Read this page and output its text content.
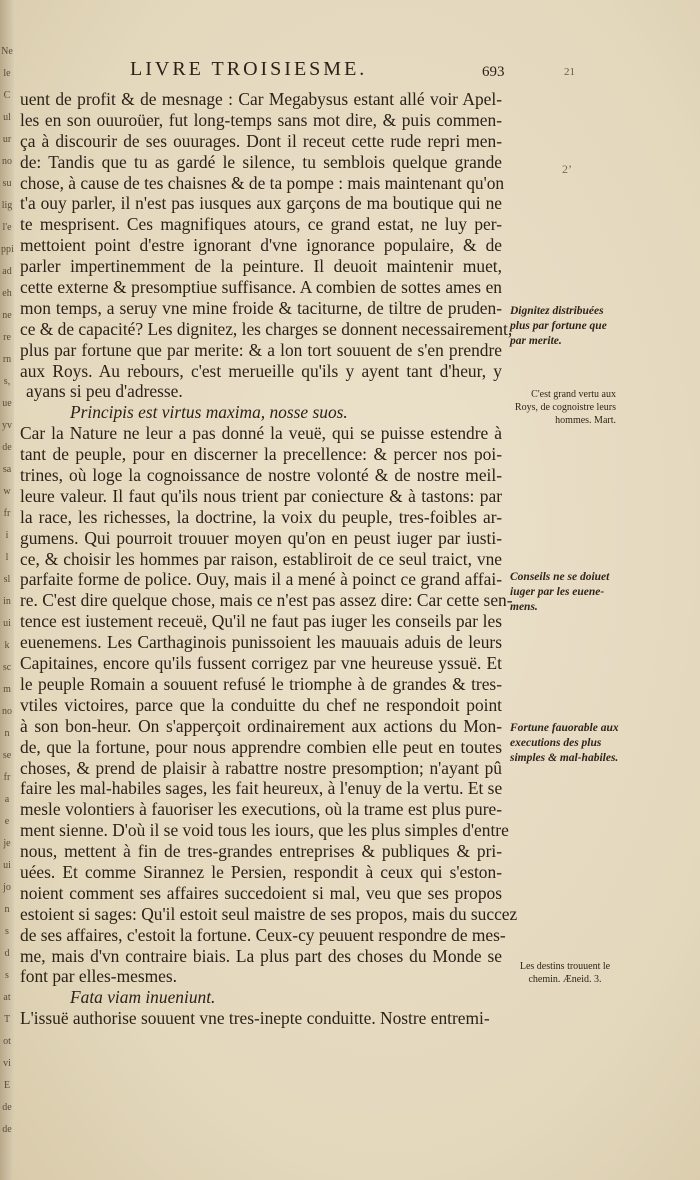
Ne
le
C
ul
ur
no
su
lig
l'e
ppi
ad
eh
ne
re
rn
s,
ue
yv
de
sa
w
fr
i
l
sl
in
ui
k
sc
m
no
n
se
fr
a
e
je
ui
jo
n
s
d
s
at
T
ot
vi
E
de
de
LIVRE TROISIESME.	693	21
2’
uent de profit & de mesnage : Car Megabysus estant allé voir Apel-
les en son ouuroüer, fut long-temps sans mot dire, & puis commen-
ça à discourir de ses ouurages. Dont il receut cette rude repri men-
de: Tandis que tu as gardé le silence, tu semblois quelque grande
chose, à cause de tes chaisnes & de ta pompe : mais maintenant qu'on
t'a ouy parler, il n'est pas iusques aux garçons de ma boutique qui ne
te mesprisent. Ces magnifiques atours, ce grand estat, ne luy per-
mettoient point d'estre ignorant d'vne ignorance populaire, & de
parler impertinemment de la peinture. Il deuoit maintenir muet,
cette externe & presomptiue suffisance. A combien de sottes ames en
mon temps, a seruy vne mine froide & taciturne, de tiltre de pruden-
ce & de capacité? Les dignitez, les charges se donnent necessairement,
plus par fortune que par merite: & a lon tort souuent de s'en prendre
aux Roys. Au rebours, c'est merueille qu'ils y ayent tant d'heur, y
ayans si peu d'adresse.
Principis est virtus maxima, nosse suos.
Car la Nature ne leur a pas donné la veuë, qui se puisse estendre à
tant de peuple, pour en discerner la precellence: & percer nos poi-
trines, où loge la cognoissance de nostre volonté & de nostre meil-
leure valeur. Il faut qu'ils nous trient par coniecture & à tastons: par
la race, les richesses, la doctrine, la voix du peuple, tres-foibles ar-
gumens. Qui pourroit trouuer moyen qu'on en peust iuger par iusti-
ce, & choisir les hommes par raison, establiroit de ce seul traict, vne
parfaite forme de police. Ouy, mais il a mené à poinct ce grand affai-
re. C'est dire quelque chose, mais ce n'est pas assez dire: Car cette sen-
tence est iustement receuë, Qu'il ne faut pas iuger les conseils par les
euenemens. Les Carthaginois punissoient les mauuais aduis de leurs
Capitaines, encore qu'ils fussent corrigez par vne heureuse yssuë. Et
le peuple Romain a souuent refusé le triomphe à de grandes & tres-
vtiles victoires, parce que la conduitte du chef ne respondoit point
à son bon-heur. On s'apperçoit ordinairement aux actions du Mon-
de, que la fortune, pour nous apprendre combien elle peut en toutes
choses, & prend de plaisir à rabattre nostre presomption; n'ayant pû
faire les mal-habiles sages, les fait heureux, à l'enuy de la vertu. Et se
mesle volontiers à fauoriser les executions, où la trame est plus pure-
ment sienne. D'où il se void tous les iours, que les plus simples d'entre
nous, mettent à fin de tres-grandes entreprises & publiques & pri-
uées. Et comme Sirannez le Persien, respondit à ceux qui s'eston-
noient comment ses affaires succedoient si mal, veu que ses propos
estoient si sages: Qu'il estoit seul maistre de ses propos, mais du succez
de ses affaires, c'estoit la fortune. Ceux-cy peuuent respondre de mes-
me, mais d'vn contraire biais. La plus part des choses du Monde se
font par elles-mesmes.
Fata viam inueniunt.
L'issuë authorise souuent vne tres-inepte conduitte. Nostre entremi-
Dignitez distribuées plus par fortune que par merite.
C'est grand vertu aux Roys, de cognoistre leurs hommes. Mart.
Conseils ne se doiuet iuger par les euene-mens.
Fortune fauorable aux executions des plus simples & mal-habiles.
Les destins trouuent le chemin. Æneid. 3.
